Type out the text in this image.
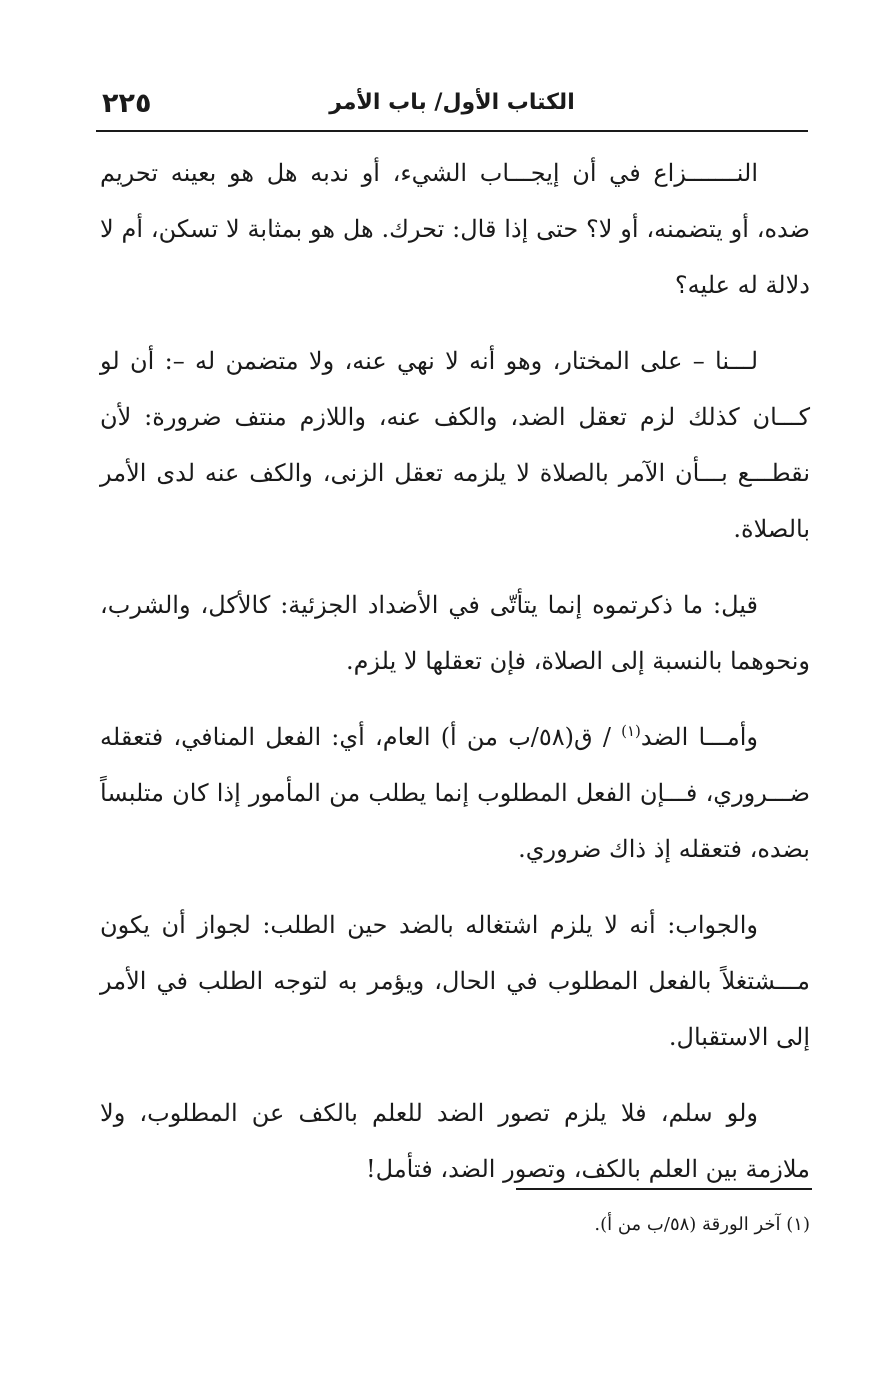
٢٢٥	الكتاب الأول/ باب الأمر

النـــــــزاع في أن إيجـــاب الشيء، أو ندبه هل هو بعينه تحريم ضده، أو يتضمنه، أو لا؟ حتى إذا قال: تحرك. هل هو بمثابة لا تسكن، أم لا دلالة له عليه؟

لـــنا – على المختار، وهو أنه لا نهي عنه، ولا متضمن له –: أن لو كـــان كذلك لزم تعقل الضد، والكف عنه، واللازم منتف ضرورة: لأن نقطـــع بـــأن الآمر بالصلاة لا يلزمه تعقل الزنى، والكف عنه لدى الأمر بالصلاة.

قيل: ما ذكرتموه إنما يتأتّى في الأضداد الجزئية: كالأكل، والشرب، ونحوهما بالنسبة إلى الصلاة، فإن تعقلها لا يلزم.

وأمـــا الضد$^{(١)}$ / ق(٥٨/ب من أ) العام، أي: الفعل المنافي، فتعقله ضـــروري، فـــإن الفعل المطلوب إنما يطلب من المأمور إذا كان متلبساً بضده، فتعقله إذ ذاك ضروري.

والجواب: أنه لا يلزم اشتغاله بالضد حين الطلب: لجواز أن يكون مـــشتغلاً بالفعل المطلوب في الحال، ويؤمر به لتوجه الطلب في الأمر إلى الاستقبال.

ولو سلم، فلا يلزم تصور الضد للعلم بالكف عن المطلوب، ولا ملازمة بين العلم بالكف، وتصور الضد، فتأمل!

(١) آخر الورقة (٥٨/ب من أ).
